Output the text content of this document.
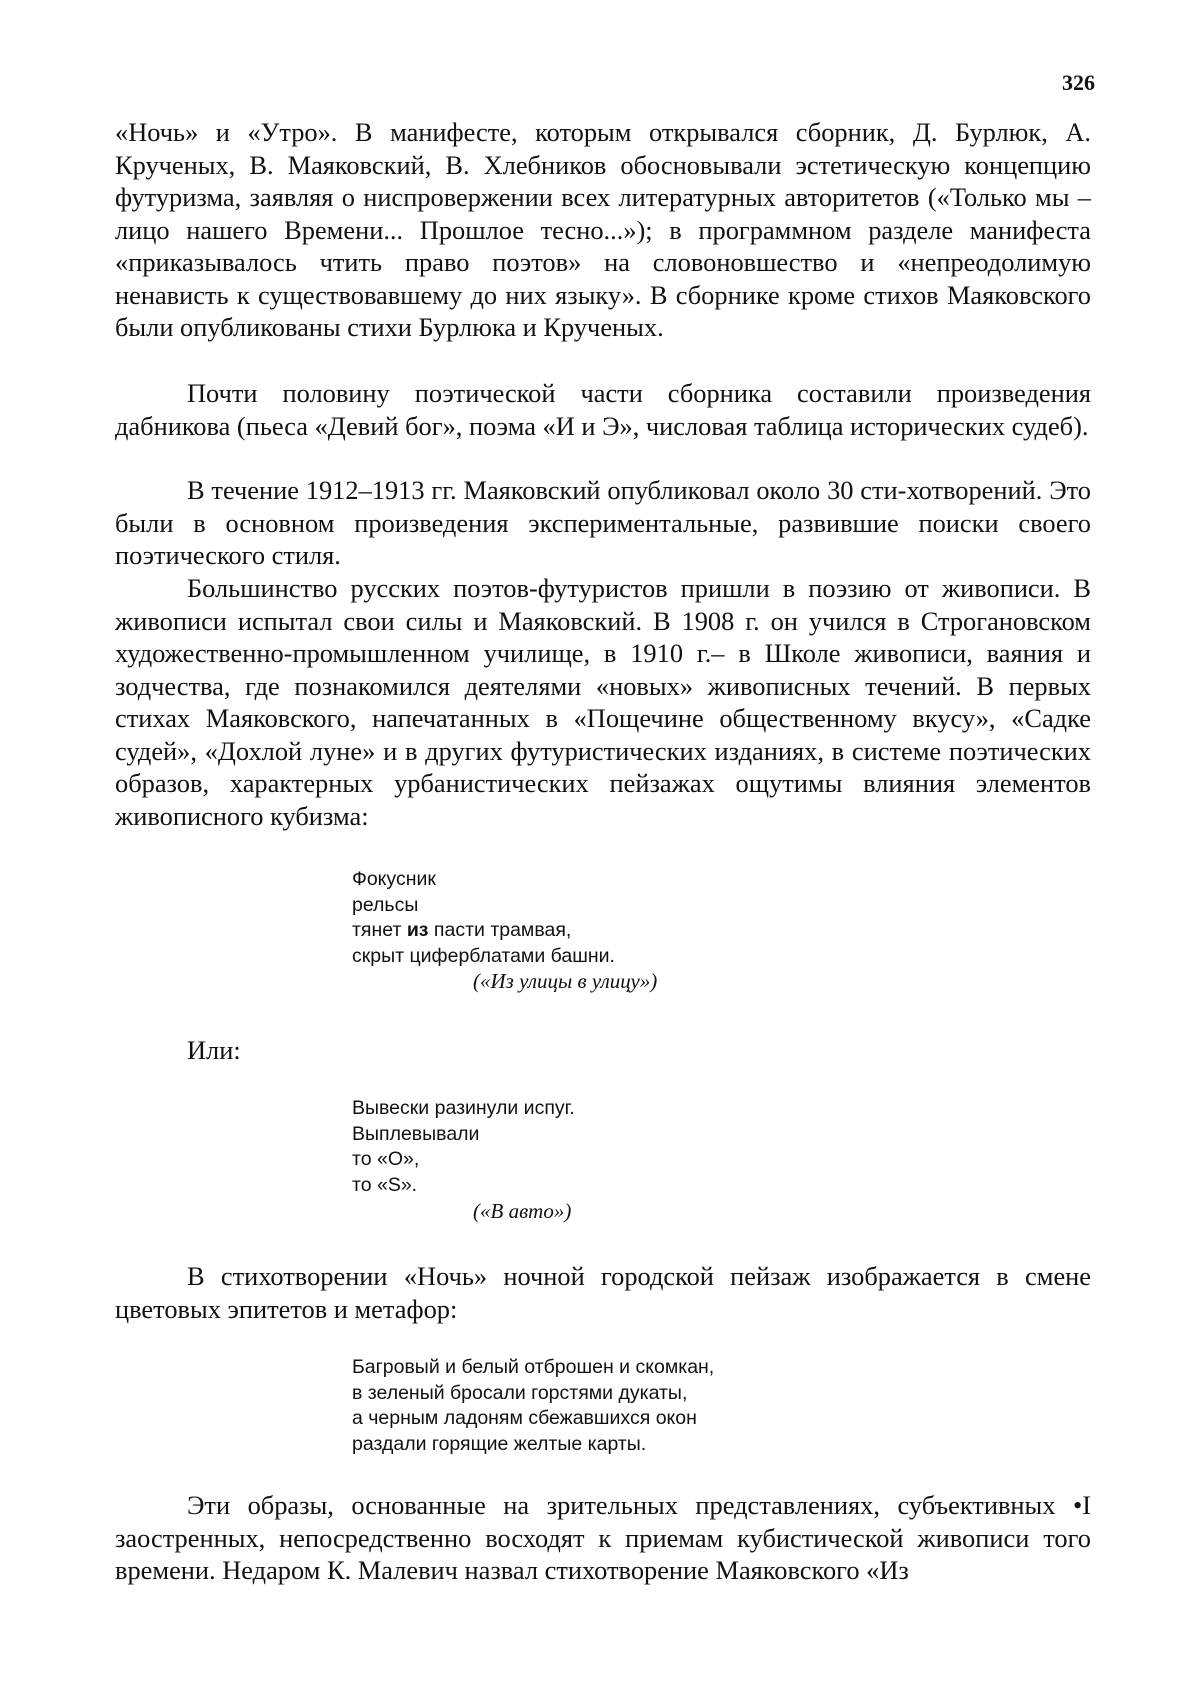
326

«Ночь» и «Утро». В манифесте, которым открывался сборник, Д. Бурлюк, А. Крученых, В. Маяковский, В. Хлебников обосновывали эстетическую концепцию футуризма, заявляя о ниспровержении всех литературных авторитетов («Только мы – лицо нашего Времени... Прошлое тесно...»); в программном разделе манифеста «приказывалось чтить право поэтов» на словоновшество и «непреодолимую ненависть к существовавшему до них языку». В сборнике кроме стихов Маяковского были опубликованы стихи Бурлюка и Крученых.

Почти половину поэтической части сборника составили произведения дабникова (пьеса «Девий бог», поэма «И и Э», числовая таблица исторических судеб).

В течение 1912–1913 гг. Маяковский опубликовал около 30 сти-хотворений. Это были в основном произведения экспериментальные, развившие поиски своего поэтического стиля.

Большинство русских поэтов-футуристов пришли в поэзию от живописи. В живописи испытал свои силы и Маяковский. В 1908 г. он учился в Строгановском художественно-промышленном училище, в 1910 г.– в Школе живописи, ваяния и зодчества, где познакомился деятелями «новых» живописных течений. В первых стихах Маяковского, напечатанных в «Пощечине общественному вкусу», «Садке судей», «Дохлой луне» и в других футуристических изданиях, в системе поэтических образов, характерных урбанистических пейзажах ощутимы влияния элементов живописного кубизма:

Фокусник
рельсы
тянет из пасти трамвая,
скрыт циферблатами башни.
(«Из улицы в улицу»)

Или:

Вывески разинули испуг.
Выплевывали
то «О»,
то «S».
(«В авто»)

В стихотворении «Ночь» ночной городской пейзаж изображается в смене цветовых эпитетов и метафор:

Багровый и белый отброшен и скомкан,
в зеленый бросали горстями дукаты,
а черным ладоням сбежавшихся окон
раздали горящие желтые карты.

Эти образы, основанные на зрительных представлениях, субъективных •I заостренных, непосредственно восходят к приемам кубистической живописи того времени. Недаром К. Малевич назвал стихотворение Маяковского «Из
